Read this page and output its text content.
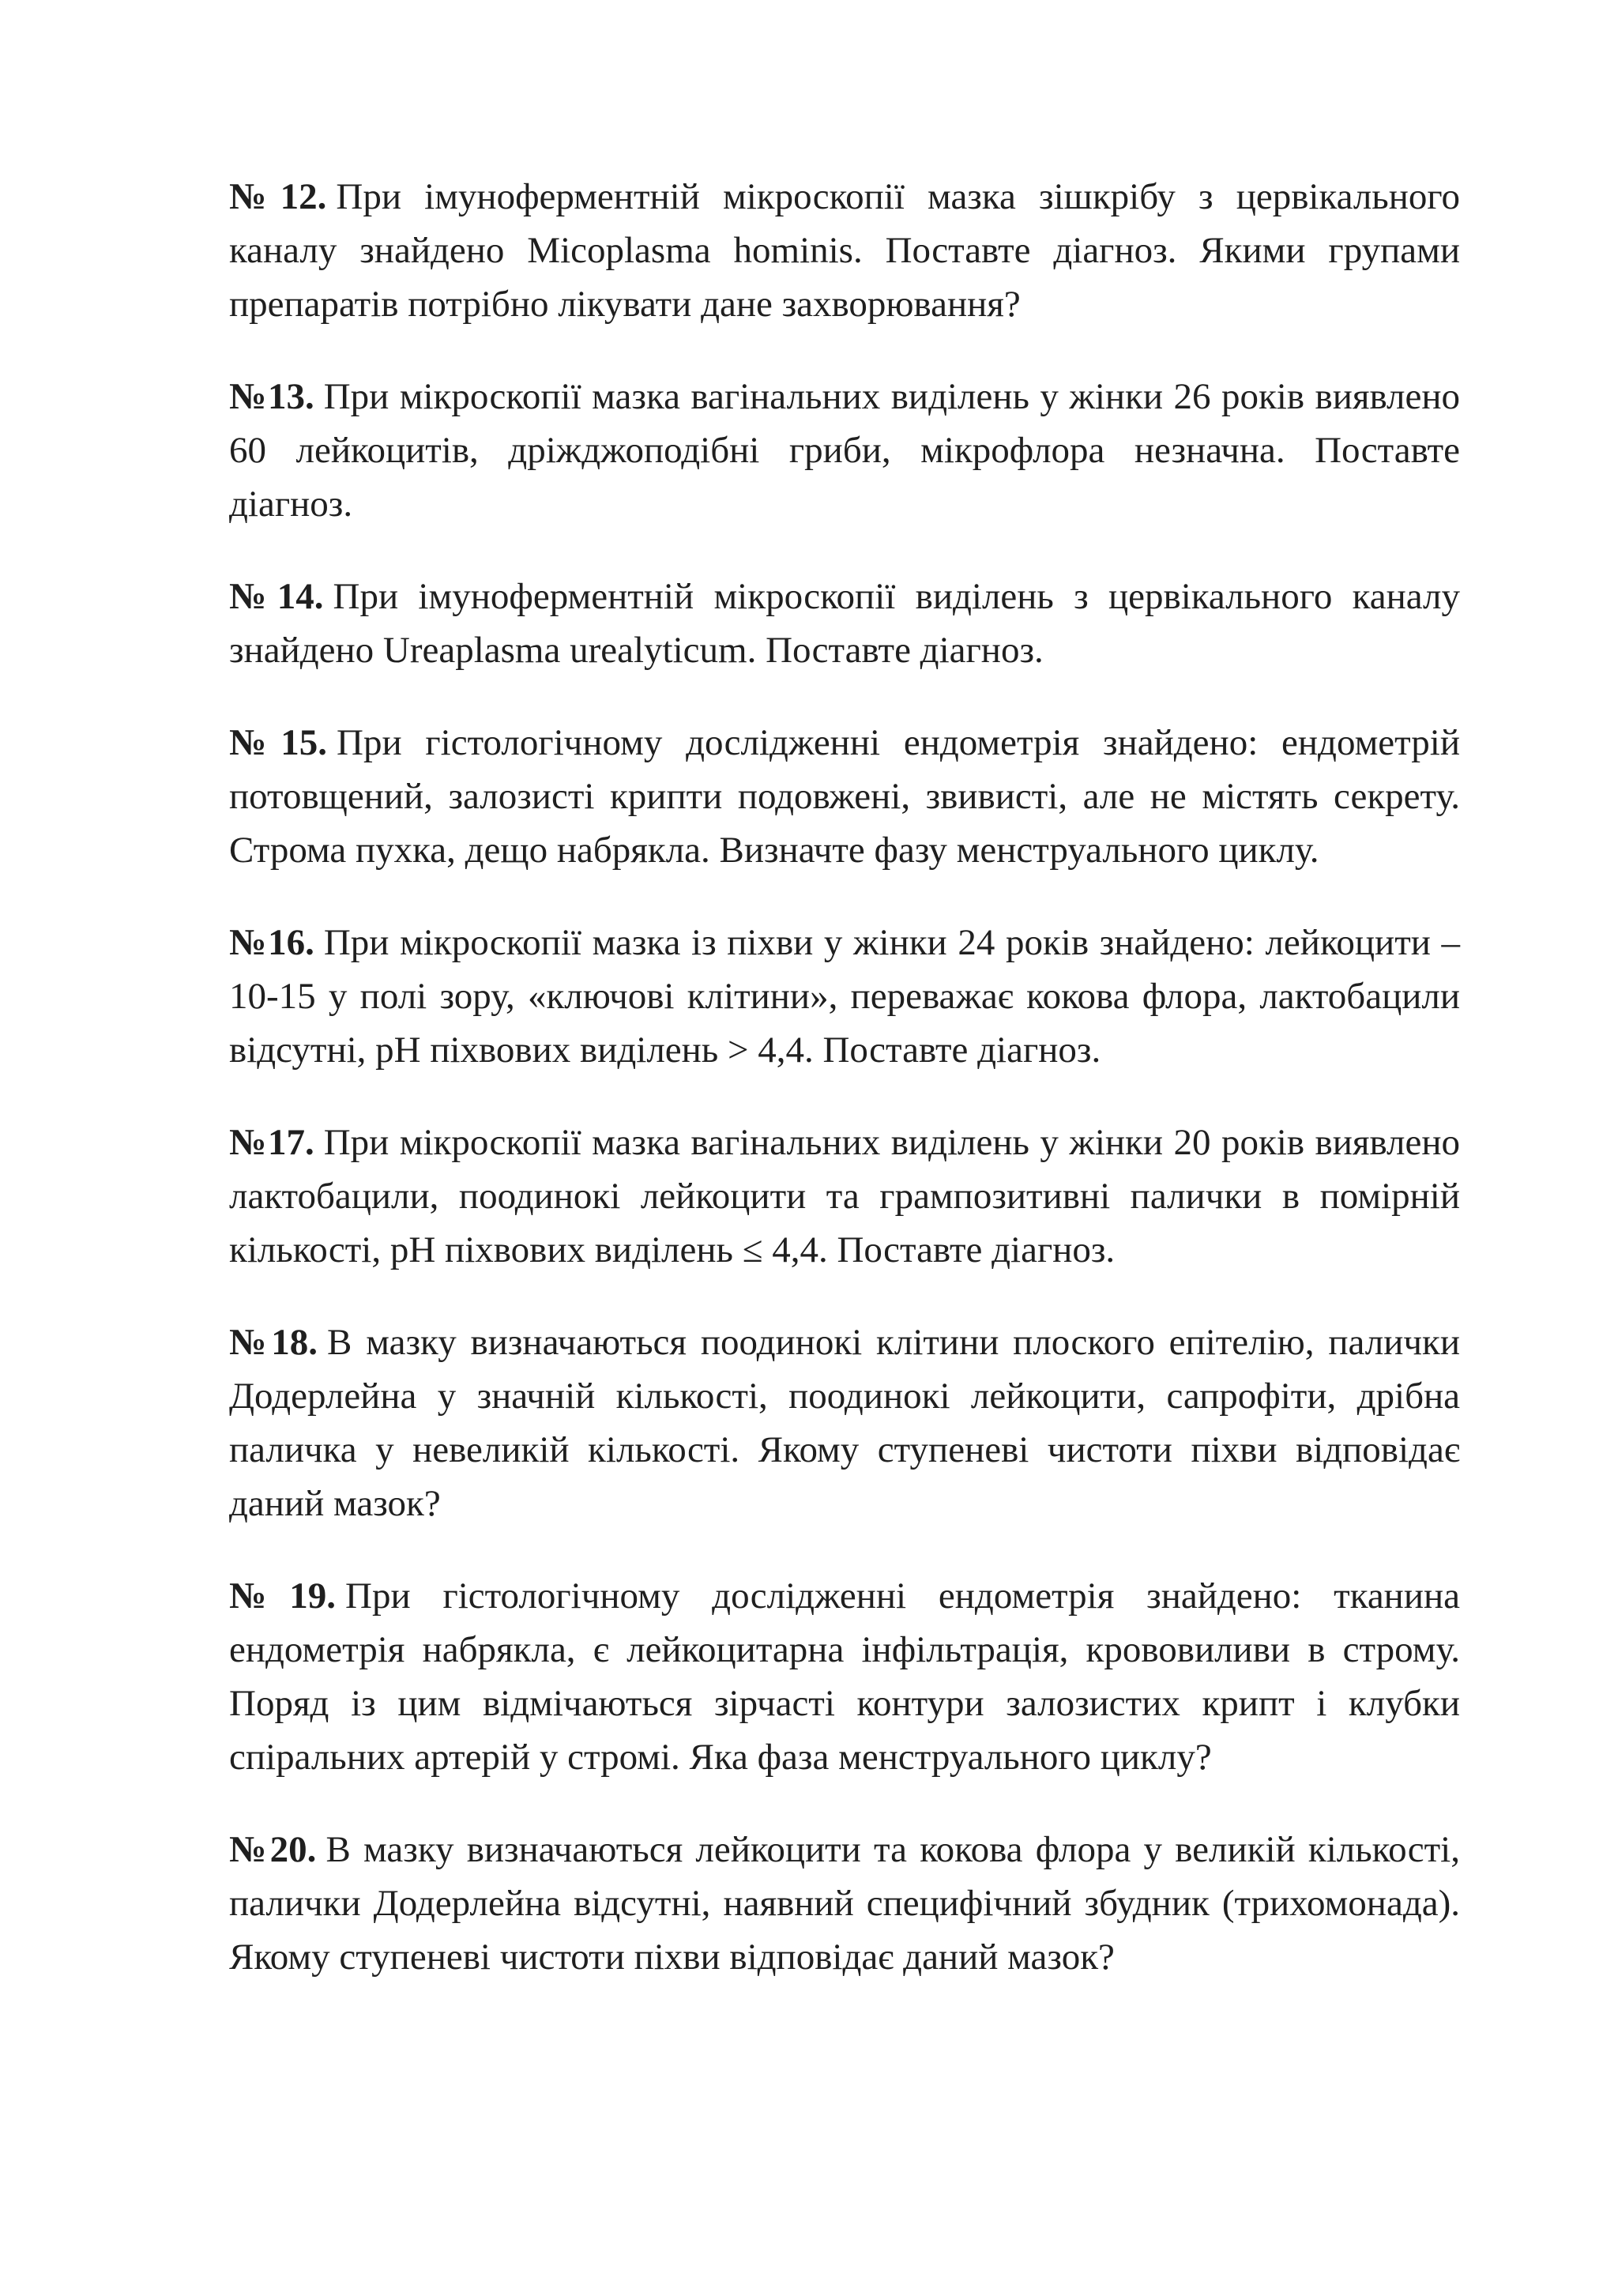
№12. При імуноферментній мікроскопії мазка зішкрібу з цервікального каналу знайдено Micoplasma hominis. Поставте діагноз. Якими групами препаратів потрібно лікувати дане захворювання?

№13. При мікроскопії мазка вагінальних виділень у жінки 26 років виявлено 60 лейкоцитів, дріжджоподібні гриби, мікрофлора незначна. Поставте діагноз.

№14. При імуноферментній мікроскопії виділень з цервікального каналу знайдено Ureaplasma urealyticum. Поставте діагноз.

№15. При гістологічному дослідженні ендометрія знайдено: ендометрій потовщений, залозисті крипти подовжені, звивисті, але не містять секрету. Строма пухка, дещо набрякла. Визначте фазу менструального циклу.

№16. При мікроскопії мазка із піхви у жінки 24 років знайдено: лейкоцити – 10-15 у полі зору, «ключові клітини», переважає кокова флора, лактобацили відсутні, pH піхвових виділень > 4,4. Поставте діагноз.

№17. При мікроскопії мазка вагінальних виділень у жінки 20 років виявлено лактобацили, поодинокі лейкоцити та грампозитивні палички в помірній кількості, pH піхвових виділень ≤ 4,4. Поставте діагноз.

№18. В мазку визначаються поодинокі клітини плоского епітелію, палички Додерлейна у значній кількості, поодинокі лейкоцити, сапрофіти, дрібна паличка у невеликій кількості. Якому ступеневі чистоти піхви відповідає даний мазок?

№19. При гістологічному дослідженні ендометрія знайдено: тканина ендометрія набрякла, є лейкоцитарна інфільтрація, крововиливи в строму. Поряд із цим відмічаються зірчасті контури залозистих крипт і клубки спіральних артерій у стромі. Яка фаза менструального циклу?

№20. В мазку визначаються лейкоцити та кокова флора у великій кількості, палички Додерлейна відсутні, наявний специфічний збудник (трихомонада). Якому ступеневі чистоти піхви відповідає даний мазок?
